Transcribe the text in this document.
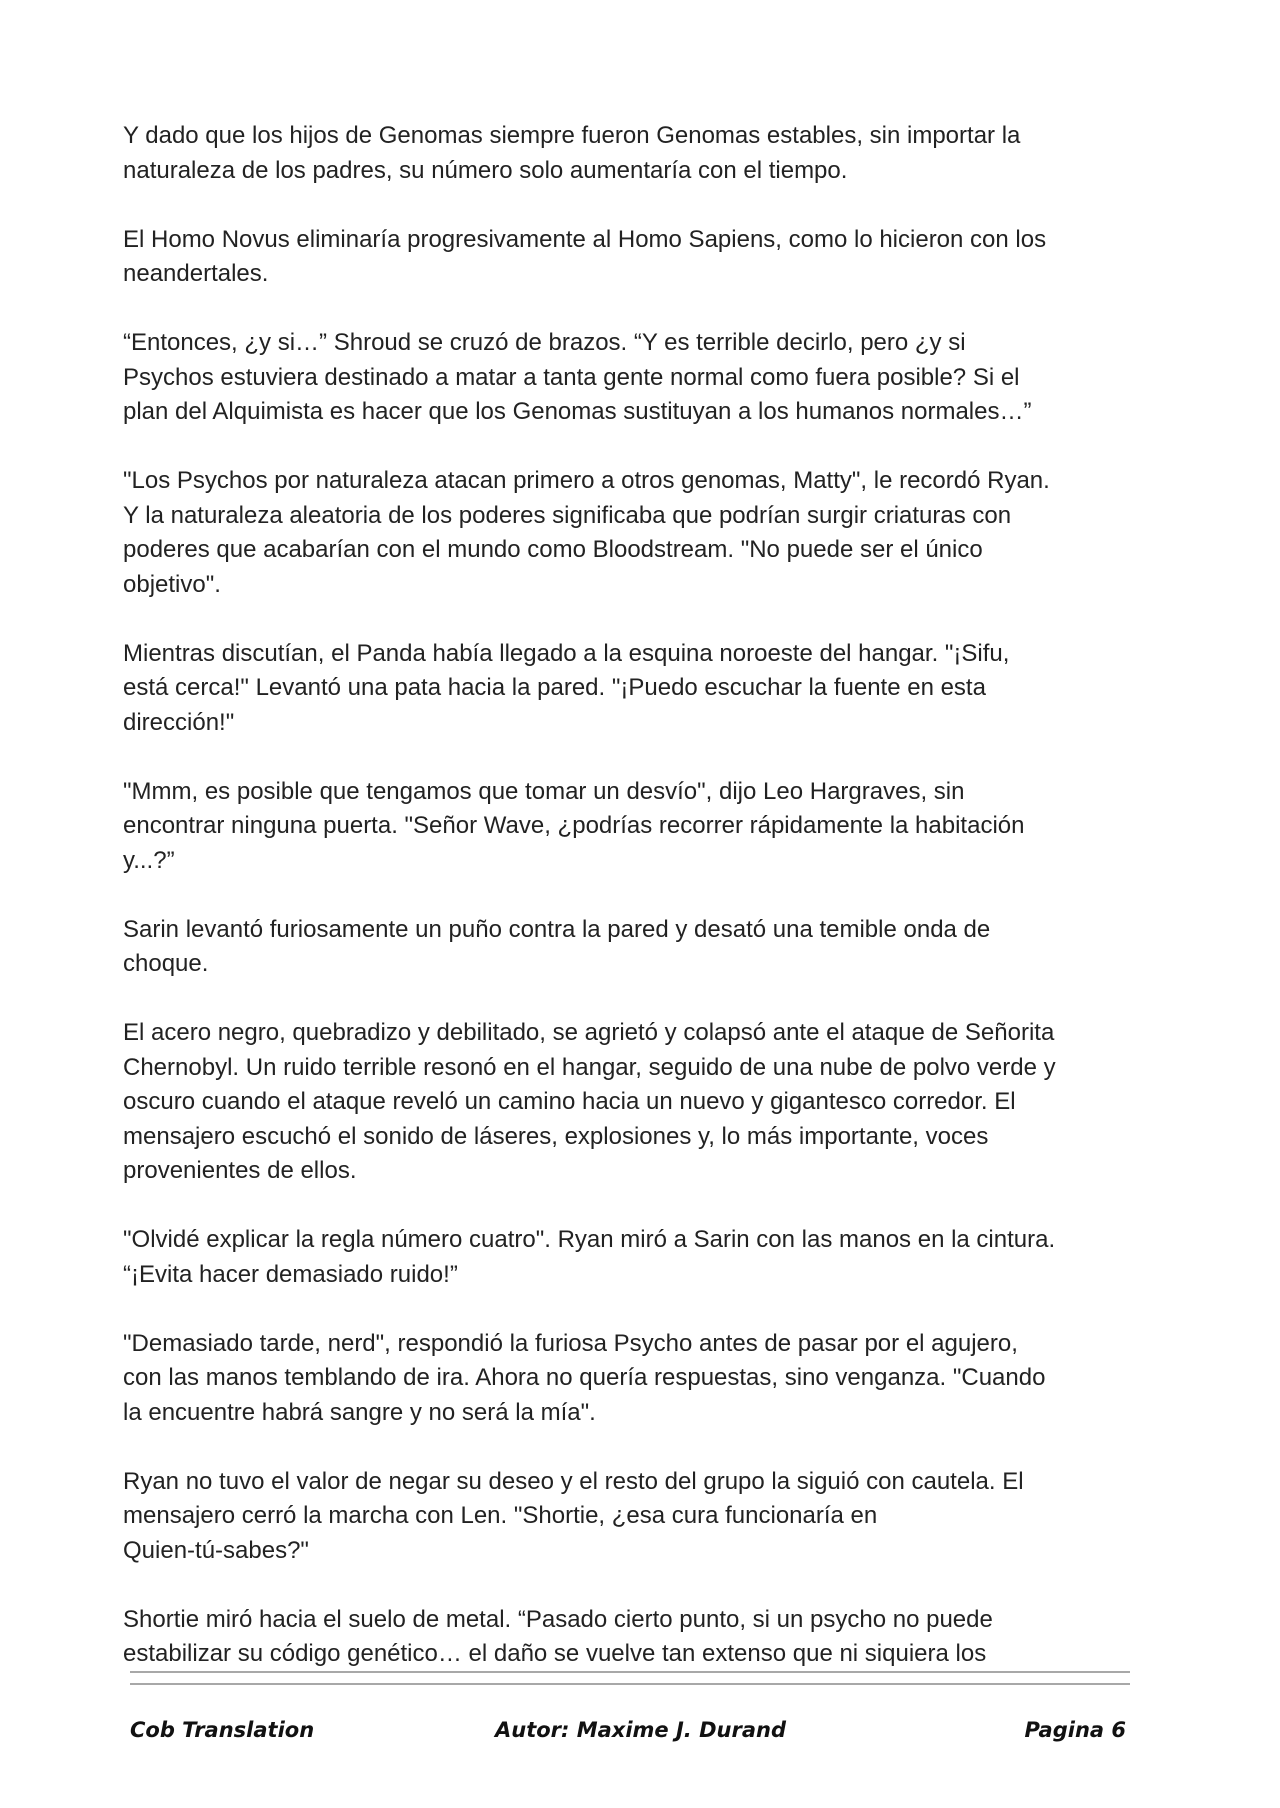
Y dado que los hijos de Genomas siempre fueron Genomas estables, sin importar la
naturaleza de los padres, su número solo aumentaría con el tiempo.

El Homo Novus eliminaría progresivamente al Homo Sapiens, como lo hicieron con los
neandertales.

“Entonces, ¿y si…” Shroud se cruzó de brazos. “Y es terrible decirlo, pero ¿y si
Psychos estuviera destinado a matar a tanta gente normal como fuera posible? Si el
plan del Alquimista es hacer que los Genomas sustituyan a los humanos normales…”

"Los Psychos por naturaleza atacan primero a otros genomas, Matty", le recordó Ryan.
Y la naturaleza aleatoria de los poderes significaba que podrían surgir criaturas con
poderes que acabarían con el mundo como Bloodstream. "No puede ser el único
objetivo".

Mientras discutían, el Panda había llegado a la esquina noroeste del hangar. "¡Sifu,
está cerca!" Levantó una pata hacia la pared. "¡Puedo escuchar la fuente en esta
dirección!"

"Mmm, es posible que tengamos que tomar un desvío", dijo Leo Hargraves, sin
encontrar ninguna puerta. "Señor Wave, ¿podrías recorrer rápidamente la habitación
y...?”

Sarin levantó furiosamente un puño contra la pared y desató una temible onda de
choque.

El acero negro, quebradizo y debilitado, se agrietó y colapsó ante el ataque de Señorita
Chernobyl. Un ruido terrible resonó en el hangar, seguido de una nube de polvo verde y
oscuro cuando el ataque reveló un camino hacia un nuevo y gigantesco corredor. El
mensajero escuchó el sonido de láseres, explosiones y, lo más importante, voces
provenientes de ellos.

"Olvidé explicar la regla número cuatro". Ryan miró a Sarin con las manos en la cintura.
“¡Evita hacer demasiado ruido!”

"Demasiado tarde, nerd", respondió la furiosa Psycho antes de pasar por el agujero,
con las manos temblando de ira. Ahora no quería respuestas, sino venganza. "Cuando
la encuentre habrá sangre y no será la mía".

Ryan no tuvo el valor de negar su deseo y el resto del grupo la siguió con cautela. El
mensajero cerró la marcha con Len. "Shortie, ¿esa cura funcionaría en
Quien-tú-sabes?"

Shortie miró hacia el suelo de metal. “Pasado cierto punto, si un psycho no puede
estabilizar su código genético… el daño se vuelve tan extenso que ni siquiera los

Cob Translation	Autor: Maxime J. Durand	Pagina 6
